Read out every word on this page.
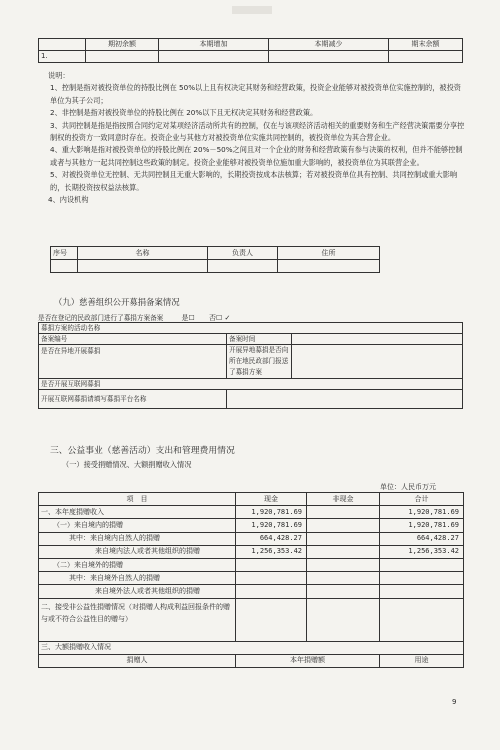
	期初余额	本期增加	本期减少	期末余额
1.				

说明：

1、控制是指对被投资单位的持股比例在 50%以上且有权决定其财务和经营政策，投资企业能够对被投资单位实施控制的，被投资单位为其子公司；

2、非控制是指对被投资单位的持股比例在 20%以下且无权决定其财务和经营政策。

3、共同控制是指是指按照合同约定对某项经济活动所共有的控制，仅在与该项经济活动相关的重要财务和生产经营决策需要分享控制权的投资方一致同意时存在。投资企业与其他方对被投资单位实施共同控制的，被投资单位为其合营企业。

4、重大影响是指对被投资单位的持股比例在 20%－50%之间且对一个企业的财务和经营政策有参与决策的权利，但并不能够控制或者与其他方一起共同控制这些政策的制定。投资企业能够对被投资单位施加重大影响的，被投资单位为其联营企业。

5、对被投资单位无控制、无共同控制且无重大影响的，长期投资按成本法核算；若对被投资单位具有控制、共同控制或重大影响的，长期投资按权益法核算。

4、内设机构

序号	名称	负责人	住所

（九）慈善组织公开募捐备案情况
是否在登记的民政部门进行了募捐方案备案	是☐ 否☐ ✓
募捐方案的活动名称		
备案编号	备案时间	
是否在异地开展募捐	开展异地募捐是否向所在地民政部门报送了募捐方案	
是否开展互联网募捐		
开展互联网募捐请填写募捐平台名称		
三、公益事业（慈善活动）支出和管理费用情况
（一）接受捐赠情况、大额捐赠收入情况
单位：人民币万元
项　目	现金	非现金	合计
一、本年度捐赠收入	1,920,781.69		1,920,781.69
（一）来自境内的捐赠	1,920,781.69		1,920,781.69
其中：来自境内自然人的捐赠	664,428.27		664,428.27
来自境内法人或者其他组织的捐赠	1,256,353.42		1,256,353.42
（二）来自境外的捐赠			
其中：来自境外自然人的捐赠			
来自境外法人或者其他组织的捐赠			
二、接受非公益性捐赠情况（对捐赠人构成利益回报条件的赠与或不符合公益性目的赠与）			
三、大额捐赠收入情况			
捐赠人	本年捐赠额		用途
9
